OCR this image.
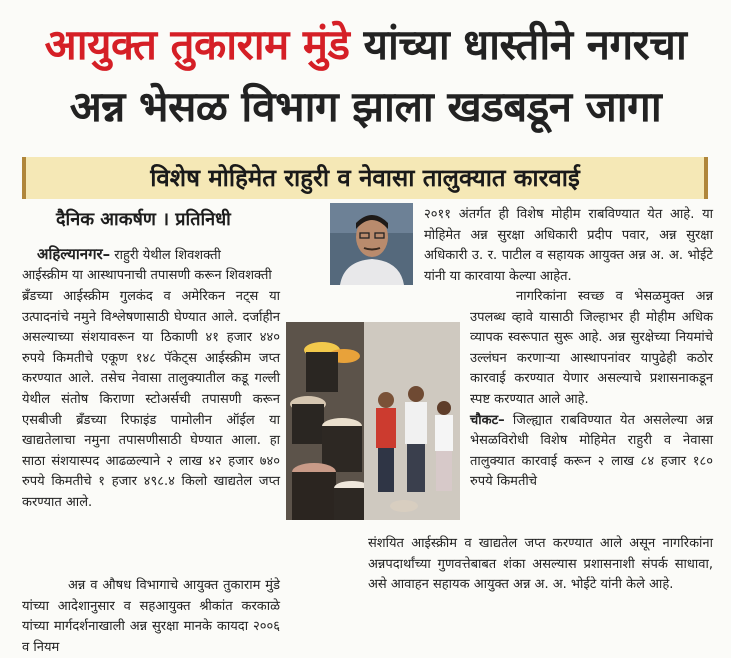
आयुक्त तुकाराम मुंडे यांच्या धास्तीने नगरचा
अन्न भेसळ विभाग झाला खडबडून जागा
विशेष मोहिमेत राहुरी व नेवासा तालुक्यात कारवाई
दैनिक आकर्षण । प्रतिनिधी

अहिल्यानगर– राहुरी येथील शिवशक्ती

आईस्क्रीम या आस्थापनाची तपासणी करून शिवशक्ती

ब्रँडच्या आईस्क्रीम गुलकंद व अमेरिकन नट्स या उत्पादनांचे नमुने विश्लेषणासाठी घेण्यात आले. दर्जाहीन असल्याच्या संशयावरून या ठिकाणी ४१ हजार ४४० रुपये किमतीचे एकूण १४८ पॅकेट्स आईस्क्रीम जप्त करण्यात आले. तसेच नेवासा तालुक्यातील कडू गल्ली येथील संतोष किराणा स्टोअर्सची तपासणी करून एसबीजी ब्रँडच्या रिफाइंड पामोलीन ऑईल या खाद्यतेलाचा नमुना तपासणीसाठी घेण्यात आला. हा साठा संशयास्पद आढळल्याने २ लाख ४२ हजार ७४० रुपये किमतीचे १ हजार ४९८.४ किलो खाद्यतेल जप्त करण्यात आले.

अन्न व औषध विभागाचे आयुक्त तुकाराम मुंडे यांच्या आदेशानुसार व सहआयुक्त श्रीकांत करकाळे यांच्या मार्गदर्शनाखाली अन्न सुरक्षा मानके कायदा २००६ व नियम

२०११ अंतर्गत ही विशेष मोहीम राबविण्यात येत आहे. या मोहिमेत अन्न सुरक्षा अधिकारी प्रदीप पवार, अन्न सुरक्षा अधिकारी उ. र. पाटील व सहायक आयुक्त अन्न अ. अ. भोईटे यांनी या कारवाया केल्या आहेत.

नागरिकांना स्वच्छ व भेसळमुक्त अन्न उपलब्ध व्हावे यासाठी जिल्हाभर ही मोहीम अधिक व्यापक स्वरूपात सुरू आहे. अन्न सुरक्षेच्या नियमांचे उल्लंघन करणाऱ्या आस्थापनांवर यापुढेही कठोर कारवाई करण्यात येणार असल्याचे प्रशासनाकडून स्पष्ट करण्यात आले आहे.

चौकट– जिल्ह्यात राबविण्यात येत असलेल्या अन्न भेसळविरोधी विशेष मोहिमेत राहुरी व नेवासा तालुक्यात कारवाई करून २ लाख ८४ हजार १८० रुपये किमतीचे

संशयित आईस्क्रीम व खाद्यतेल जप्त करण्यात आले असून नागरिकांना अन्नपदार्थांच्या गुणवत्तेबाबत शंका असल्यास प्रशासनाशी संपर्क साधावा, असे आवाहन सहायक आयुक्त अन्न अ. अ. भोईटे यांनी केले आहे.
